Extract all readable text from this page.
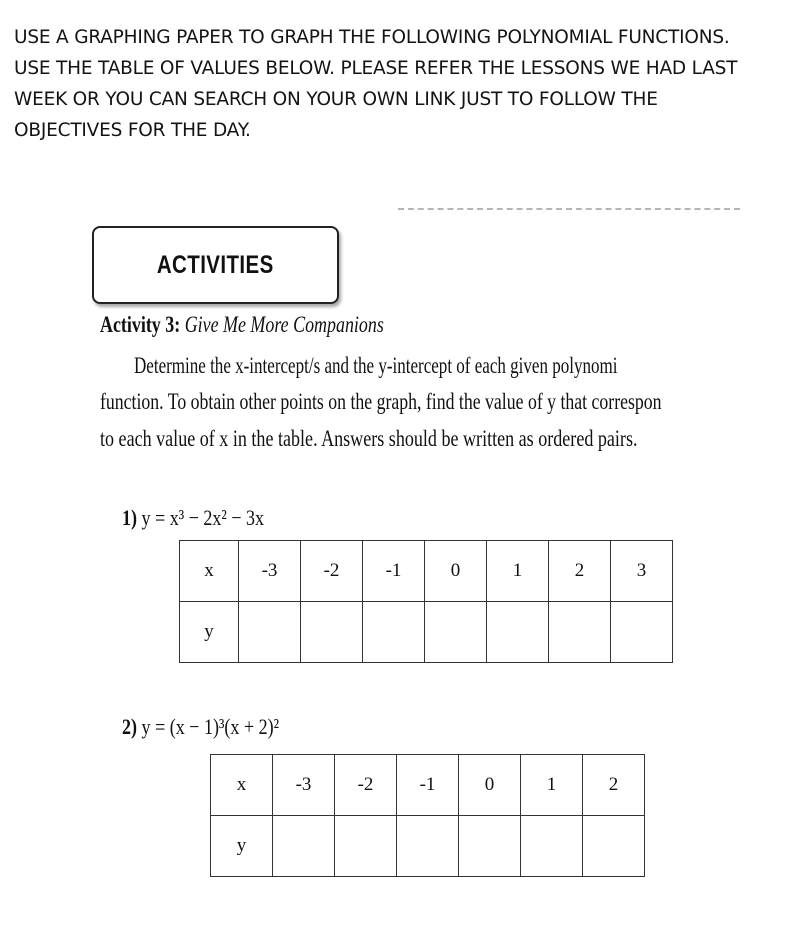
USE A GRAPHING PAPER TO GRAPH THE FOLLOWING POLYNOMIAL FUNCTIONS.
USE THE TABLE OF VALUES BELOW. PLEASE REFER THE LESSONS WE HAD LAST
WEEK OR YOU CAN SEARCH ON YOUR OWN LINK JUST TO FOLLOW THE
OBJECTIVES FOR THE DAY.
ACTIVITIES
Activity 3: Give Me More Companions
Determine the x-intercept/s and the y-intercept of each given polynomi
function. To obtain other points on the graph, find the value of y that correspon
to each value of x in the table. Answers should be written as ordered pairs.
1) y = x³ − 2x² − 3x
x	-3	-2	-1	0	1	2	3
y							
2) y = (x − 1)³(x + 2)²
x	-3	-2	-1	0	1	2
y						
